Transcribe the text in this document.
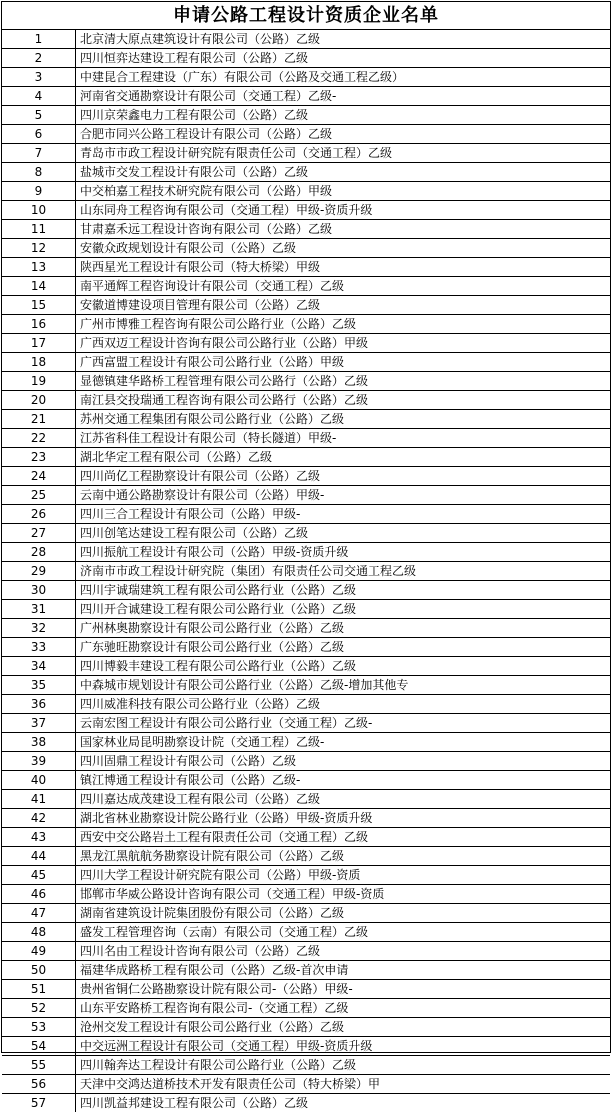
申请公路工程设计资质企业名单
1	北京清大原点建筑设计有限公司（公路）乙级
2	四川恒弈达建设工程有限公司（公路）乙级
3	中建昆合工程建设（广东）有限公司（公路及交通工程乙级）
4	河南省交通勘察设计有限公司（交通工程）乙级-
5	四川京荣鑫电力工程有限公司（公路）乙级
6	合肥市同兴公路工程设计有限公司（公路）乙级
7	青岛市市政工程设计研究院有限责任公司（交通工程）乙级
8	盐城市交发工程设计有限公司（公路）乙级
9	中交柏嘉工程技术研究院有限公司（公路）甲级
10	山东同舟工程咨询有限公司（交通工程）甲级-资质升级
11	甘肃嘉禾远工程设计咨询有限公司（公路）乙级
12	安徽众政规划设计有限公司（公路）乙级
13	陕西星光工程设计有限公司（特大桥梁）甲级
14	南平通辉工程咨询设计有限公司（交通工程）乙级
15	安徽道博建设项目管理有限公司（公路）乙级
16	广州市博雅工程咨询有限公司公路行业（公路）乙级
17	广西双迈工程设计咨询有限公司公路行业（公路）甲级
18	广西富盟工程设计有限公司公路行业（公路）甲级
19	显德镇建华路桥工程管理有限公司公路行（公路）乙级
20	南江县交投瑞通工程咨询有限公司公路行（公路）乙级
21	苏州交通工程集团有限公司公路行业（公路）乙级
22	江苏省科佳工程设计有限公司（特长隧道）甲级-
23	湖北华定工程有限公司（公路）乙级
24	四川尚亿工程勘察设计有限公司（公路）乙级
25	云南中通公路勘察设计有限公司（公路）甲级-
26	四川三合工程设计有限公司（公路）甲级-
27	四川创笔达建设工程有限公司（公路）乙级
28	四川振航工程设计有限公司（公路）甲级-资质升级
29	济南市市政工程设计研究院（集团）有限责任公司交通工程乙级
30	四川宇诚瑞建筑工程有限公司公路行业（公路）乙级
31	四川开合诚建设工程有限公司公路行业（公路）乙级
32	广州林奥勘察设计有限公司公路行业（公路）乙级
33	广东驰旺勘察设计有限公司公路行业（公路）乙级
34	四川博毅丰建设工程有限公司公路行业（公路）乙级
35	中森城市规划设计有限公司公路行业（公路）乙级-增加其他专
36	四川威准科技有限公司公路行业（公路）乙级
37	云南宏图工程设计有限公司公路行业（交通工程）乙级-
38	国家林业局昆明勘察设计院（交通工程）乙级-
39	四川固鼎工程设计有限公司（公路）乙级
40	镇江博通工程设计有限公司（公路）乙级-
41	四川嘉达成茂建设工程有限公司（公路）乙级
42	湖北省林业勘察设计院公路行业（公路）甲级-资质升级
43	西安中交公路岩土工程有限责任公司（交通工程）乙级
44	黑龙江黑航航务勘察设计院有限公司（公路）乙级
45	四川大学工程设计研究院有限公司（公路）甲级-资质
46	邯郸市华威公路设计咨询有限公司（交通工程）甲级-资质
47	湖南省建筑设计院集团股份有限公司（公路）乙级
48	盛发工程管理咨询（云南）有限公司（交通工程）乙级
49	四川名由工程设计咨询有限公司（公路）乙级
50	福建华成路桥工程有限公司（公路）乙级-首次申请
51	贵州省铜仁公路勘察设计院有限公司-（公路）甲级-
52	山东平安路桥工程咨询有限公司-（交通工程）乙级
53	沧州交发工程设计有限公司公路行业（公路）乙级
54	中交远洲工程设计有限公司（交通工程）甲级-资质升级
55	四川翰奔达工程设计有限公司公路行业（公路）乙级
56	天津中交鸿达道桥技术开发有限责任公司（特大桥梁）甲
57	四川凯益邦建设工程有限公司（公路）乙级
